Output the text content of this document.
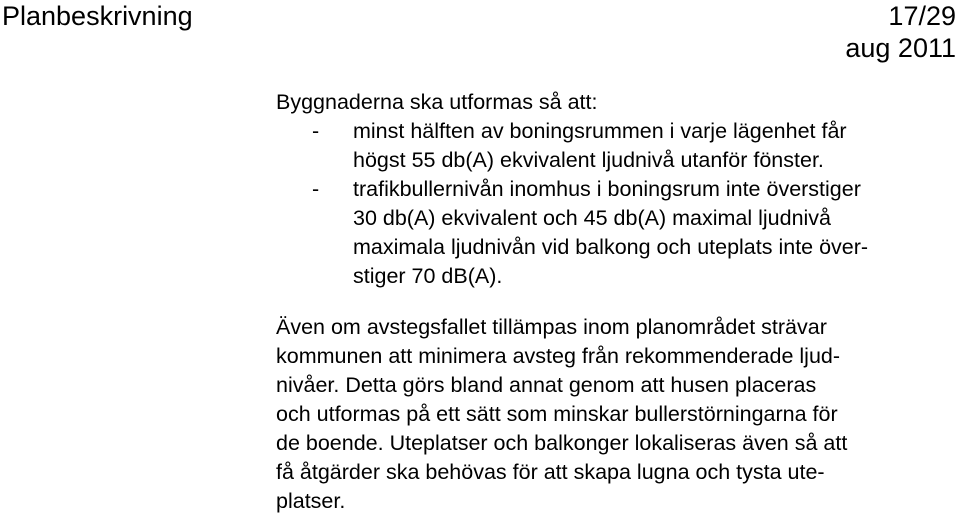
Planbeskrivning	17/29
aug 2011
Byggnaderna ska utformas så att:
- minst hälften av boningsrummen i varje lägenhet får
högst 55 db(A) ekvivalent ljudnivå utanför fönster.
- trafikbullernivån inomhus i boningsrum inte överstiger
30 db(A) ekvivalent och 45 db(A) maximal ljudnivå
maximala ljudnivån vid balkong och uteplats inte över-
stiger 70 dB(A).
Även om avstegsfallet tillämpas inom planområdet strävar
kommunen att minimera avsteg från rekommenderade ljud-
nivåer. Detta görs bland annat genom att husen placeras
och utformas på ett sätt som minskar bullerstörningarna för
de boende. Uteplatser och balkonger lokaliseras även så att
få åtgärder ska behövas för att skapa lugna och tysta ute-
platser.
